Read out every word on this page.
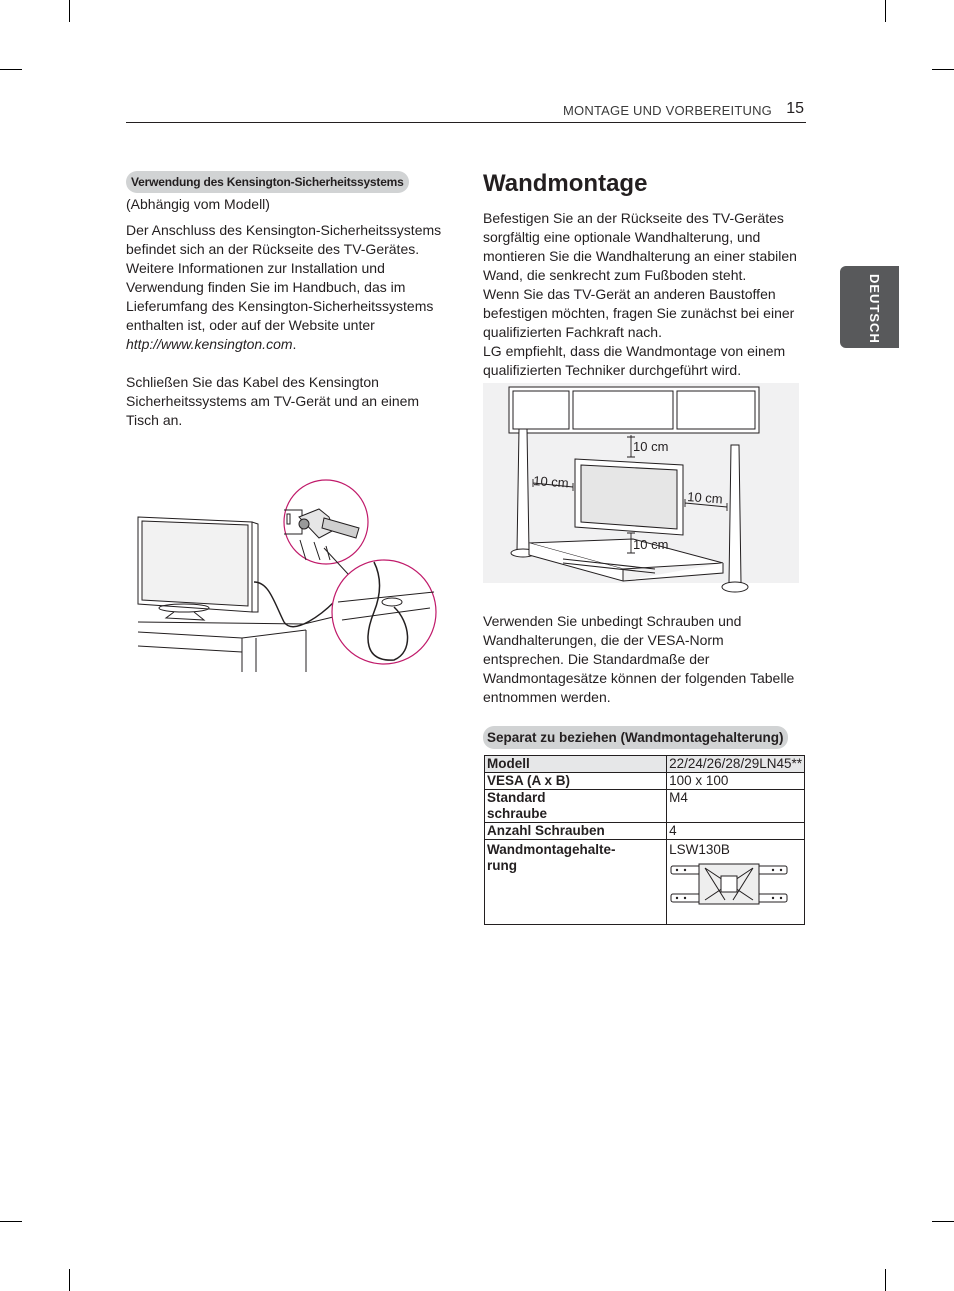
MONTAGE UND VORBEREITUNG 15
DEUTSCH
Verwendung des Kensington-Sicherheitssystems
(Abhängig vom Modell)

Der Anschluss des Kensington-Sicherheitssystems befindet sich an der Rückseite des TV-Gerätes. Weitere Informationen zur Installation und Verwendung finden Sie im Handbuch, das im Lieferumfang des Kensington-Sicherheitssystems enthalten ist, oder auf der Website unter
http://www.kensington.com.

Schließen Sie das Kabel des Kensington Sicherheitssystems am TV-Gerät und an einem Tisch an.

Wandmontage

Befestigen Sie an der Rückseite des TV-Gerätes sorgfältig eine optionale Wandhalterung, und montieren Sie die Wandhalterung an einer stabilen Wand, die senkrecht zum Fußboden steht.

Wenn Sie das TV-Gerät an anderen Baustoffen befestigen möchten, fragen Sie zunächst bei einer qualifizierten Fachkraft nach.

LG empfiehlt, dass die Wandmontage von einem qualifizierten Techniker durchgeführt wird.

10 cm
10 cm
10 cm
10 cm
Verwenden Sie unbedingt Schrauben und Wandhalterungen, die der VESA-Norm entsprechen. Die Standardmaße der Wandmontagesätze können der folgenden Tabelle entnommen werden.
Separat zu beziehen (Wandmontagehalterung)
Modell	22/24/26/28/29LN45**
VESA (A x B)	100 x 100
Standard schraube	M4
Anzahl Schrauben	4
Wandmontagehalte-rung	LSW130B
